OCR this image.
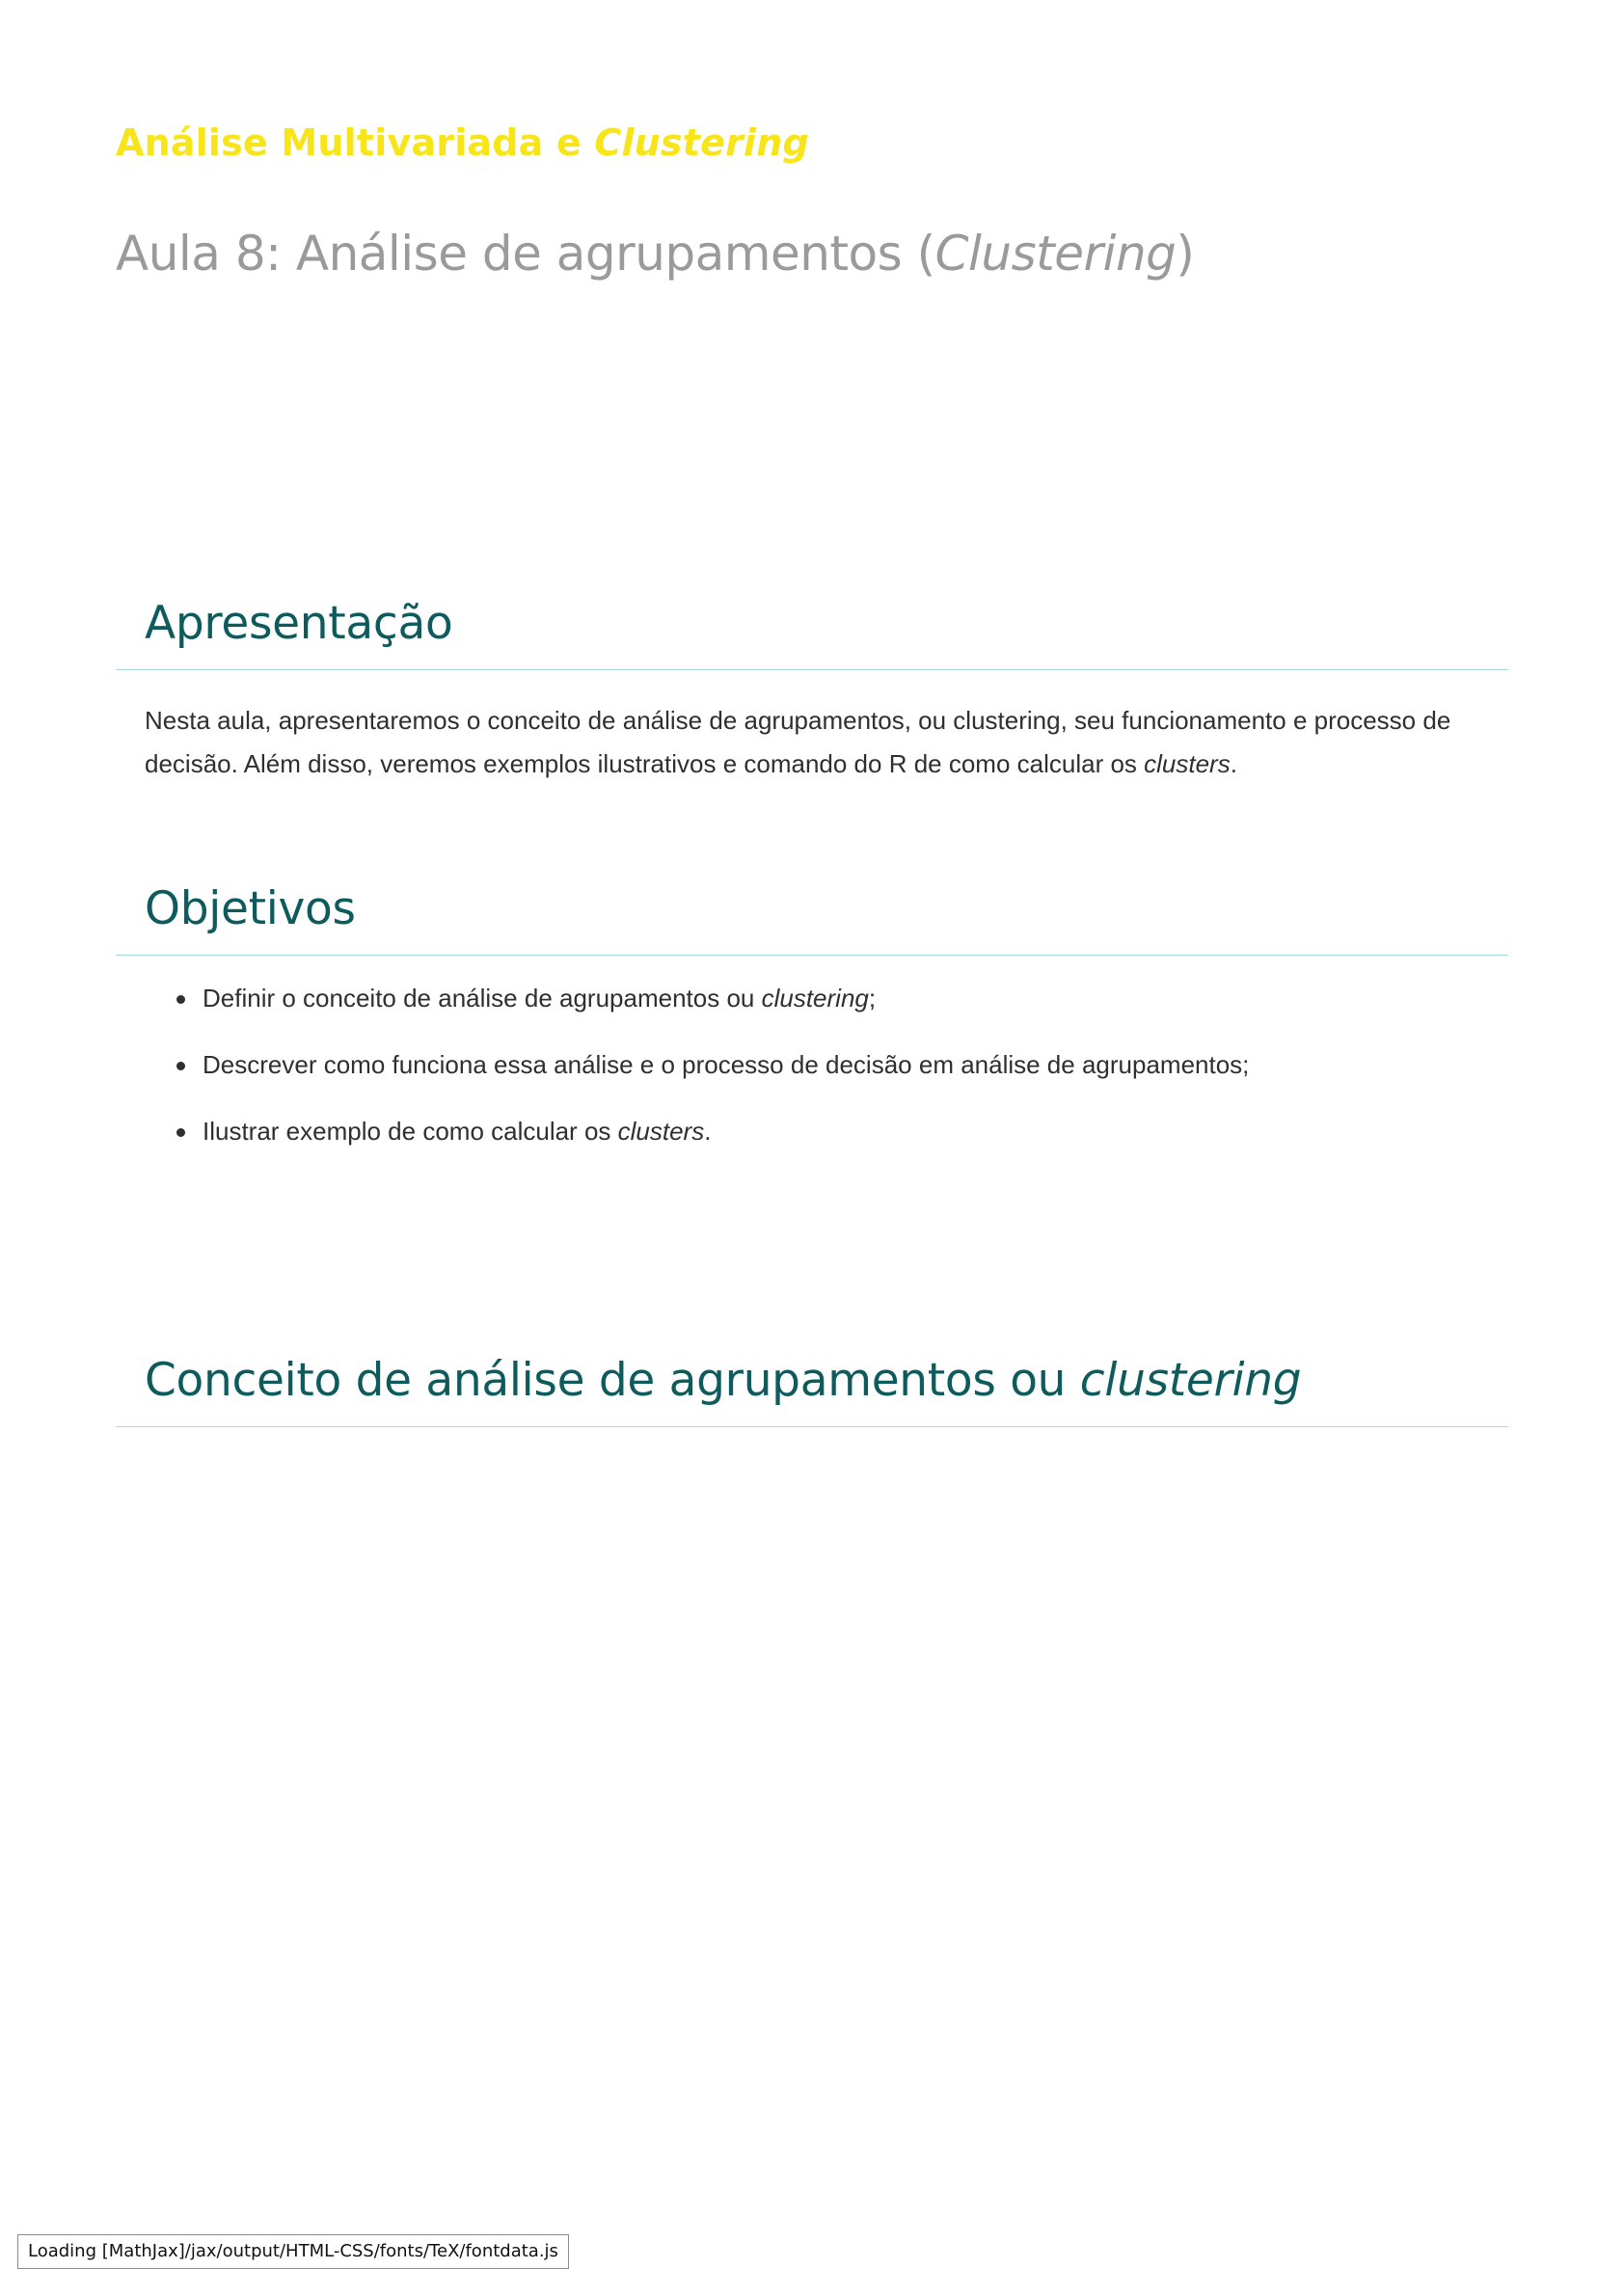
Análise Multivariada e Clustering
Aula 8: Análise de agrupamentos (Clustering)
Apresentação

Nesta aula, apresentaremos o conceito de análise de agrupamentos, ou clustering, seu funcionamento e processo de decisão. Além disso, veremos exemplos ilustrativos e comando do R de como calcular os clusters.

Objetivos
Definir o conceito de análise de agrupamentos ou clustering;
Descrever como funciona essa análise e o processo de decisão em análise de agrupamentos;
Ilustrar exemplo de como calcular os clusters.
Conceito de análise de agrupamentos ou clustering
Loading [MathJax]/jax/output/HTML-CSS/fonts/TeX/fontdata.js
